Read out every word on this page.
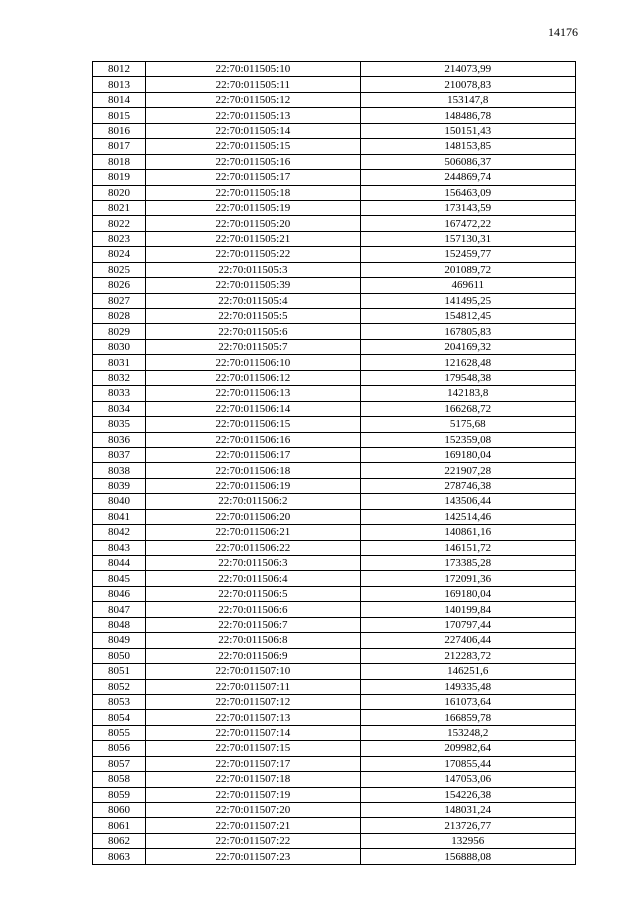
14176
8012	22:70:011505:10	214073,99
8013	22:70:011505:11	210078,83
8014	22:70:011505:12	153147,8
8015	22:70:011505:13	148486,78
8016	22:70:011505:14	150151,43
8017	22:70:011505:15	148153,85
8018	22:70:011505:16	506086,37
8019	22:70:011505:17	244869,74
8020	22:70:011505:18	156463,09
8021	22:70:011505:19	173143,59
8022	22:70:011505:20	167472,22
8023	22:70:011505:21	157130,31
8024	22:70:011505:22	152459,77
8025	22:70:011505:3	201089,72
8026	22:70:011505:39	469611
8027	22:70:011505:4	141495,25
8028	22:70:011505:5	154812,45
8029	22:70:011505:6	167805,83
8030	22:70:011505:7	204169,32
8031	22:70:011506:10	121628,48
8032	22:70:011506:12	179548,38
8033	22:70:011506:13	142183,8
8034	22:70:011506:14	166268,72
8035	22:70:011506:15	5175,68
8036	22:70:011506:16	152359,08
8037	22:70:011506:17	169180,04
8038	22:70:011506:18	221907,28
8039	22:70:011506:19	278746,38
8040	22:70:011506:2	143506,44
8041	22:70:011506:20	142514,46
8042	22:70:011506:21	140861,16
8043	22:70:011506:22	146151,72
8044	22:70:011506:3	173385,28
8045	22:70:011506:4	172091,36
8046	22:70:011506:5	169180,04
8047	22:70:011506:6	140199,84
8048	22:70:011506:7	170797,44
8049	22:70:011506:8	227406,44
8050	22:70:011506:9	212283,72
8051	22:70:011507:10	146251,6
8052	22:70:011507:11	149335,48
8053	22:70:011507:12	161073,64
8054	22:70:011507:13	166859,78
8055	22:70:011507:14	153248,2
8056	22:70:011507:15	209982,64
8057	22:70:011507:17	170855,44
8058	22:70:011507:18	147053,06
8059	22:70:011507:19	154226,38
8060	22:70:011507:20	148031,24
8061	22:70:011507:21	213726,77
8062	22:70:011507:22	132956
8063	22:70:011507:23	156888,08
